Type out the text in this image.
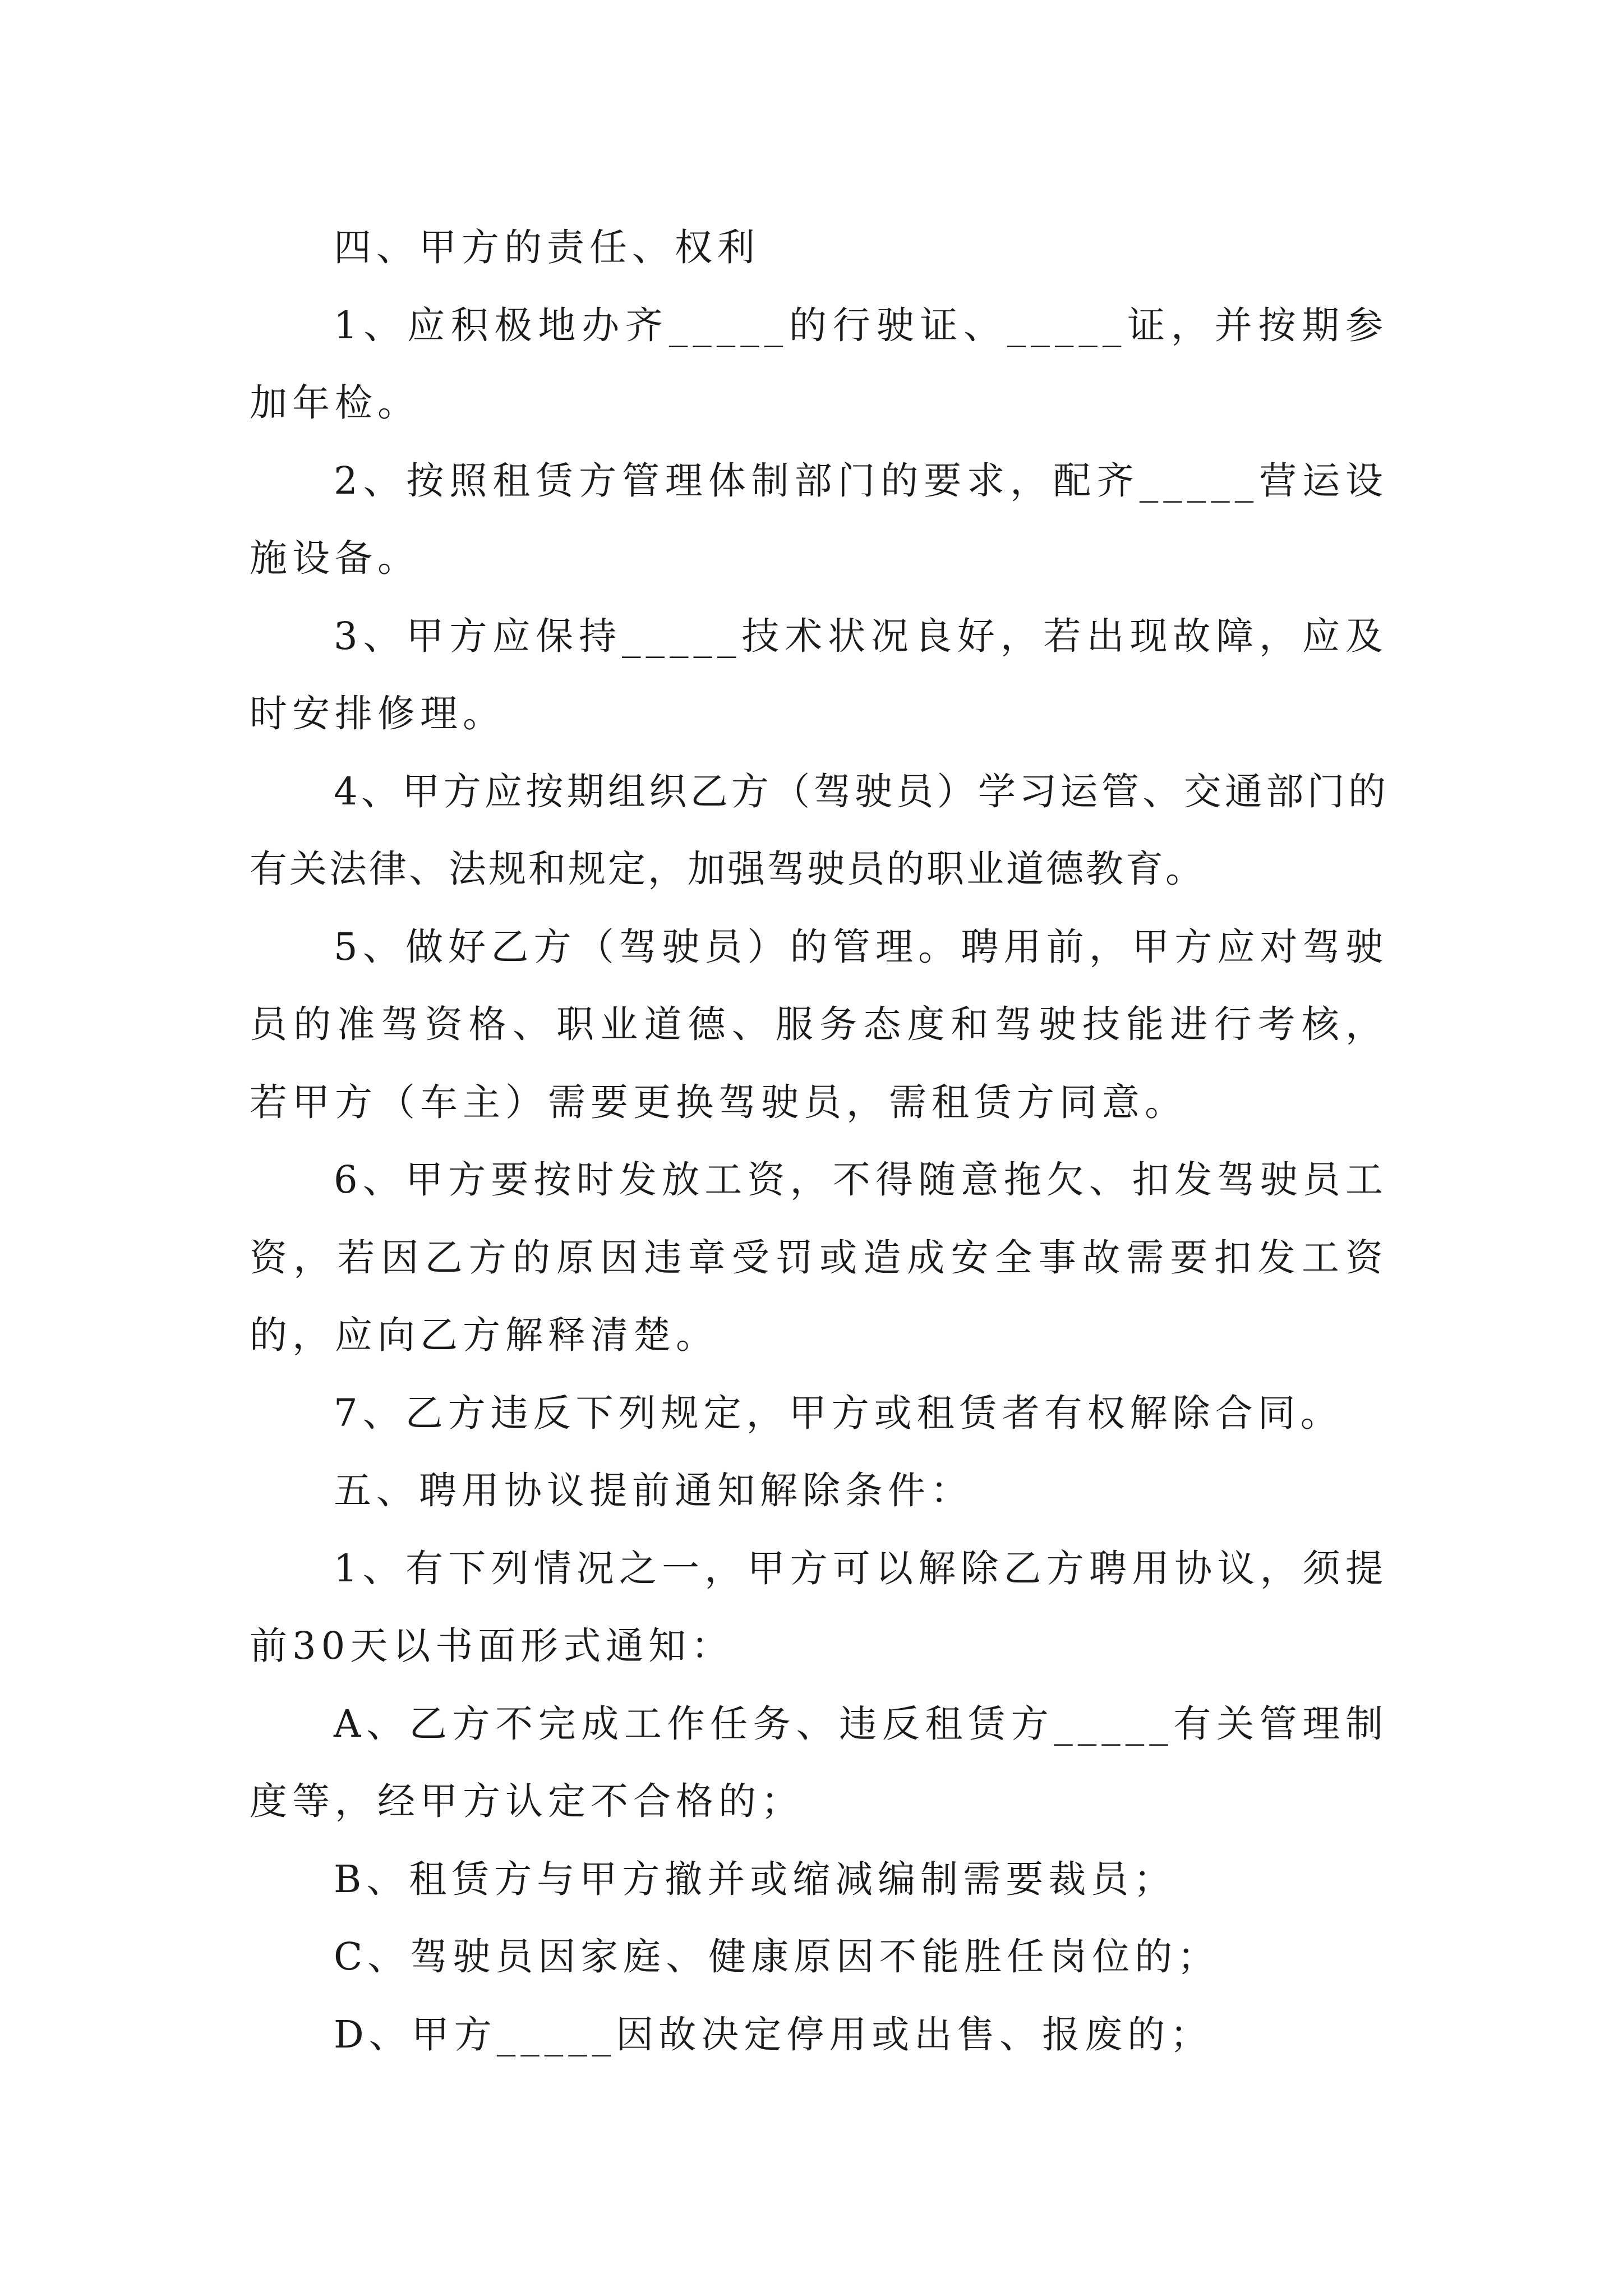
四、甲方的责任、权利

1、应积极地办齐_____的行驶证、_____证，并按期参加年检。

2、按照租赁方管理体制部门的要求，配齐_____营运设施设备。

3、甲方应保持_____技术状况良好，若出现故障，应及时安排修理。

4、甲方应按期组织乙方（驾驶员）学习运管、交通部门的有关法律、法规和规定，加强驾驶员的职业道德教育。

5、做好乙方（驾驶员）的管理。聘用前，甲方应对驾驶员的准驾资格、职业道德、服务态度和驾驶技能进行考核，若甲方（车主）需要更换驾驶员，需租赁方同意。

6、甲方要按时发放工资，不得随意拖欠、扣发驾驶员工资，若因乙方的原因违章受罚或造成安全事故需要扣发工资的，应向乙方解释清楚。

7、乙方违反下列规定，甲方或租赁者有权解除合同。

五、聘用协议提前通知解除条件：

1、有下列情况之一，甲方可以解除乙方聘用协议，须提前30天以书面形式通知：

A、乙方不完成工作任务、违反租赁方_____有关管理制度等，经甲方认定不合格的；

B、租赁方与甲方撤并或缩减编制需要裁员；

C、驾驶员因家庭、健康原因不能胜任岗位的；

D、甲方_____因故决定停用或出售、报废的；
